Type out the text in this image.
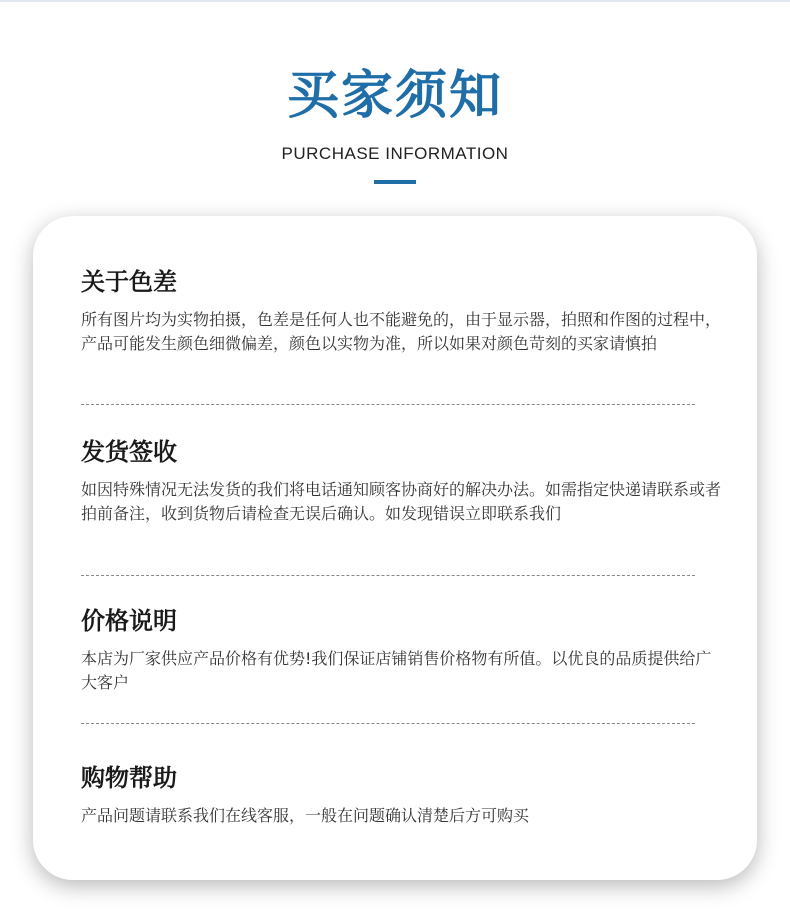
买家须知
PURCHASE INFORMATION
关于色差
所有图片均为实物拍摄，色差是任何人也不能避免的，由于显示器，拍照和作图的过程中，产品可能发生颜色细微偏差，颜色以实物为准，所以如果对颜色苛刻的买家请慎拍
发货签收
如因特殊情况无法发货的我们将电话通知顾客协商好的解决办法。如需指定快递请联系或者拍前备注，收到货物后请检查无误后确认。如发现错误立即联系我们
价格说明
本店为厂家供应产品价格有优势!我们保证店铺销售价格物有所值。以优良的品质提供给广大客户
购物帮助
产品问题请联系我们在线客服，一般在问题确认清楚后方可购买
